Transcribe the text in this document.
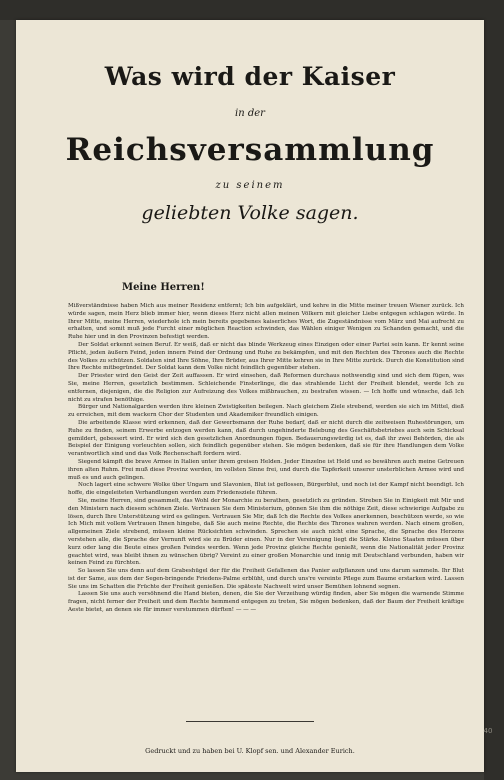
Was wird der Kaiser
in der
Reichsversammlung
zu seinem
geliebten Volke sagen.
Meine Herren!

Mißverständnisse haben Mich aus meiner Residenz entfernt; Ich bin aufgeklärt, und kehre in die Mitte meiner treuen Wiener zurück. Ich würde sagen, mein Herz blieb immer hier, wenn dieses Herz nicht allen meinen Völkern mit gleicher Liebe entgegen schlagen würde. In Ihrer Mitte, meine Herren, wiederhole ich mein bereits gegebenes kaiserliches Wort, die Zugeständnisse vom März und Mai aufrecht zu erhalten, und somit muß jede Furcht einer möglichen Reaction schwinden, das Wählen einiger Wenigen zu Schanden gemacht, und die Ruhe hier und in den Provinzen befestigt werden.

Der Soldat erkennt seinen Beruf. Er weiß, daß er nicht das blinde Werkzeug eines Einzigen oder einer Partei sein kann. Er kennt seine Pflicht, jeden äußern Feind, jeden innern Feind der Ordnung und Ruhe zu bekämpfen, und mit den Rechten des Thrones auch die Rechte des Volkes zu schützen. Soldaten sind Ihre Söhne, Ihre Brüder, aus Ihrer Mitte kehren sie in Ihre Mitte zurück. Durch die Konstitution sind Ihre Rechte mitbegründet. Der Soldat kann dem Volke nicht feindlich gegenüber stehen.

Der Priester wird den Geist der Zeit auffassen. Er wird einsehen, daß Reformen durchaus nothwendig sind und sich dem fügen, was Sie, meine Herren, gesetzlich bestimmen. Schleichende Finsterlinge, die das strahlende Licht der Freiheit blendet, werde Ich zu entfernen, diejenigen, die die Religion zur Aufreizung des Volkes mißbrauchen, zu bestrafen wissen. — Ich hoffe und wünsche, daß Ich nicht zu strafen benöthige.

Bürger und Nationalgarden werden ihre kleinen Zwistigkeiten beilegen. Nach gleichem Ziele strebend, werden sie sich im Mittel, dieß zu erreichen, mit dem wackern Chor der Studenten und Akademiker freundlich einigen.

Die arbeitende Klasse wird erkennen, daß der Gewerbsmann der Ruhe bedarf, daß er nicht durch die zeitweisen Ruhestörungen, um Ruhe zu finden, seinem Erwerbe entzogen werden kann, daß durch ungehinderte Belebung des Geschäftsbetriebes auch sein Schicksal gemildert, gebessert wird. Er wird sich den gesetzlichen Anordnungen fügen. Bedauerungswürdig ist es, daß ihr zwei Behörden, die als Beispiel der Einigung vorleuchten sollen, sich feindlich gegenüber stehen. Sie mögen bedenken, daß sie für ihre Handlungen dem Volke verantwortlich sind und das Volk Rechenschaft fordern wird.

Siegend kämpft die brave Armee in Italien unter ihrem greisen Helden. Jeder Einzelne ist Held und so bewähren auch meine Getreuen ihren alten Ruhm. Frei muß diese Provinz werden, im vollsten Sinne frei, und durch die Tapferkeit unserer unsterblichen Armee wird und muß es und auch gelingen.

Noch lagert eine schwere Wolke über Ungarn und Slavonien, Blut ist geflossen, Bürgerblut, und noch ist der Kampf nicht beendigt. Ich hoffe, die eingeleiteten Verhandlungen werden zum Friedensziele führen.

Sie, meine Herren, sind gesammelt, das Wohl der Monarchie zu berathen, gesetzlich zu gründen. Streben Sie in Einigkeit mit Mir und den Ministern nach diesem schönen Ziele. Vertrauen Sie dem Ministerium, gönnen Sie ihm die nöthige Zeit, diese schwierige Aufgabe zu lösen, durch Ihre Unterstützung wird es gelingen. Vertrauen Sie Mir, daß Ich die Rechte des Volkes anerkennen, beschützen werde, so wie Ich Mich mit vollem Vertrauen Ihnen hingebe, daß Sie auch meine Rechte, die Rechte des Thrones wahren werden. Nach einem großen, allgemeinen Ziele strebend, müssen kleine Rücksichten schwinden. Sprechen sie auch nicht eine Sprache, die Sprache des Herzens verstehen alle, die Sprache der Vernunft wird sie zu Brüder einen. Nur in der Vereinigung liegt die Stärke. Kleine Staaten müssen über kurz oder lang die Beute eines großen Feindes werden. Wenn jede Provinz gleiche Rechte genießt, wenn die Nationalität jeder Provinz geachtet wird, was bleibt ihnen zu wünschen übrig? Vereint zu einer großen Monarchie und innig mit Deutschland verbunden, haben wir keinen Feind zu fürchten.

So lassen Sie uns denn auf dem Grabeshügel der für die Freiheit Gefallenen das Panier aufpflanzen und uns darum sammeln. Ihr Blut ist der Same, aus dem der Segen-bringende Friedens-Palme erblüht, und durch uns're vereinte Pflege zum Baume erstarken wird. Lassen Sie uns im Schatten die Früchte der Freiheit genießen. Die späteste Nachwelt wird unser Bemühen lohnend segnen.

Lassen Sie uns auch versöhnend die Hand bieten, denen, die Sie der Verzeihung würdig finden, aber Sie mögen die warnende Stimme fragen, nicht ferner der Freiheit und dem Rechte hemmend entgegen zu treten, Sie mögen bedenken, daß der Baum der Freiheit kräftige Aeste bietet, an denen sie für immer verstummen dürften! — — —

Gedruckt und zu haben bei U. Klopf sen. und Alexander Eurich.
40
